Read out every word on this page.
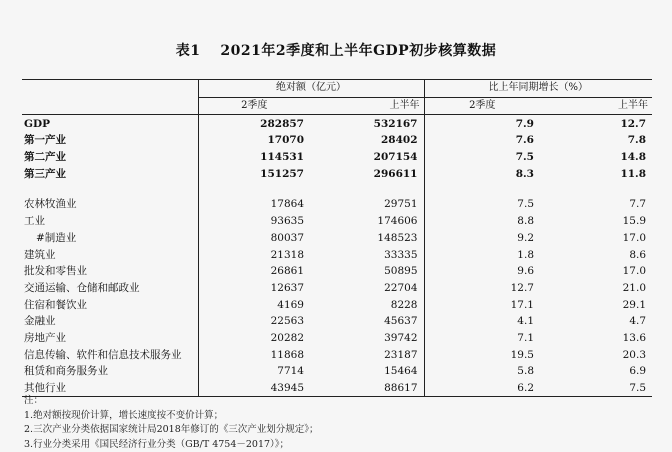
表1　 2021年2季度和上半年GDP初步核算数据
	绝对额（亿元）		比上年同期增长（%）	
	2季度	上半年	2季度	上半年
GDP	282857	532167	7.9	12.7
第一产业	17070	28402	7.6	7.8
第二产业	114531	207154	7.5	14.8
第三产业	151257	296611	8.3	11.8

农林牧渔业	17864	29751	7.5	7.7
工业	93635	174606	8.8	15.9
#制造业	80037	148523	9.2	17.0
建筑业	21318	33335	1.8	8.6
批发和零售业	26861	50895	9.6	17.0
交通运输、仓储和邮政业	12637	22704	12.7	21.0
住宿和餐饮业	4169	8228	17.1	29.1
金融业	22563	45637	4.1	4.7
房地产业	20282	39742	7.1	13.6
信息传输、软件和信息技术服务业	11868	23187	19.5	20.3
租赁和商务服务业	7714	15464	5.8	6.9
其他行业	43945	88617	6.2	7.5
注：
1.绝对额按现价计算，增长速度按不变价计算；
2.三次产业分类依据国家统计局2018年修订的《三次产业划分规定》；
3.行业分类采用《国民经济行业分类（GB/T 4754－2017）》；
